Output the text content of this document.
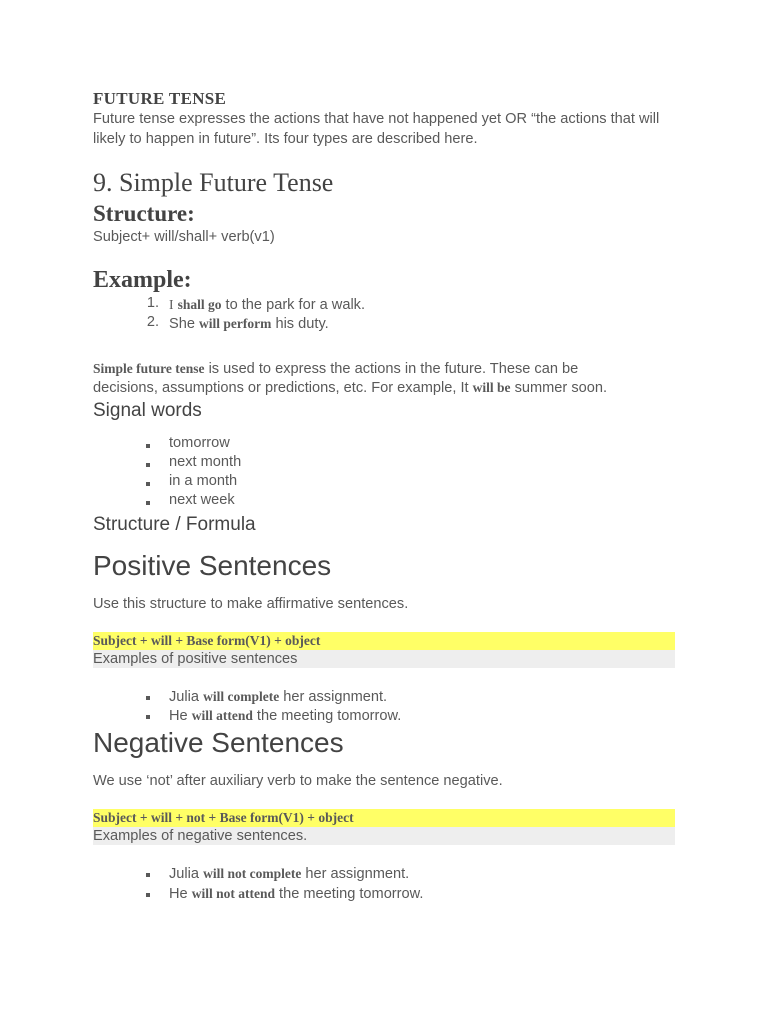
FUTURE TENSE
Future tense expresses the actions that have not happened yet OR “the actions that will likely to happen in future”. Its four types are described here.
9. Simple Future Tense
Structure:
Subject+ will/shall+ verb(v1)
Example:
1. I shall go to the park for a walk.
2. She will perform his duty.
Simple future tense is used to express the actions in the future. These can be
decisions, assumptions or predictions, etc. For example, It will be summer soon.
Signal words
tomorrow
next month
in a month
next week
Structure / Formula
Positive Sentences
Use this structure to make affirmative sentences.
Subject + will + Base form(V1) + object
Examples of positive sentences
Julia will complete her assignment.
He will attend the meeting tomorrow.
Negative Sentences
We use ‘not’ after auxiliary verb to make the sentence negative.
Subject + will + not + Base form(V1) + object
Examples of negative sentences.
Julia will not complete her assignment.
He will not attend the meeting tomorrow.
